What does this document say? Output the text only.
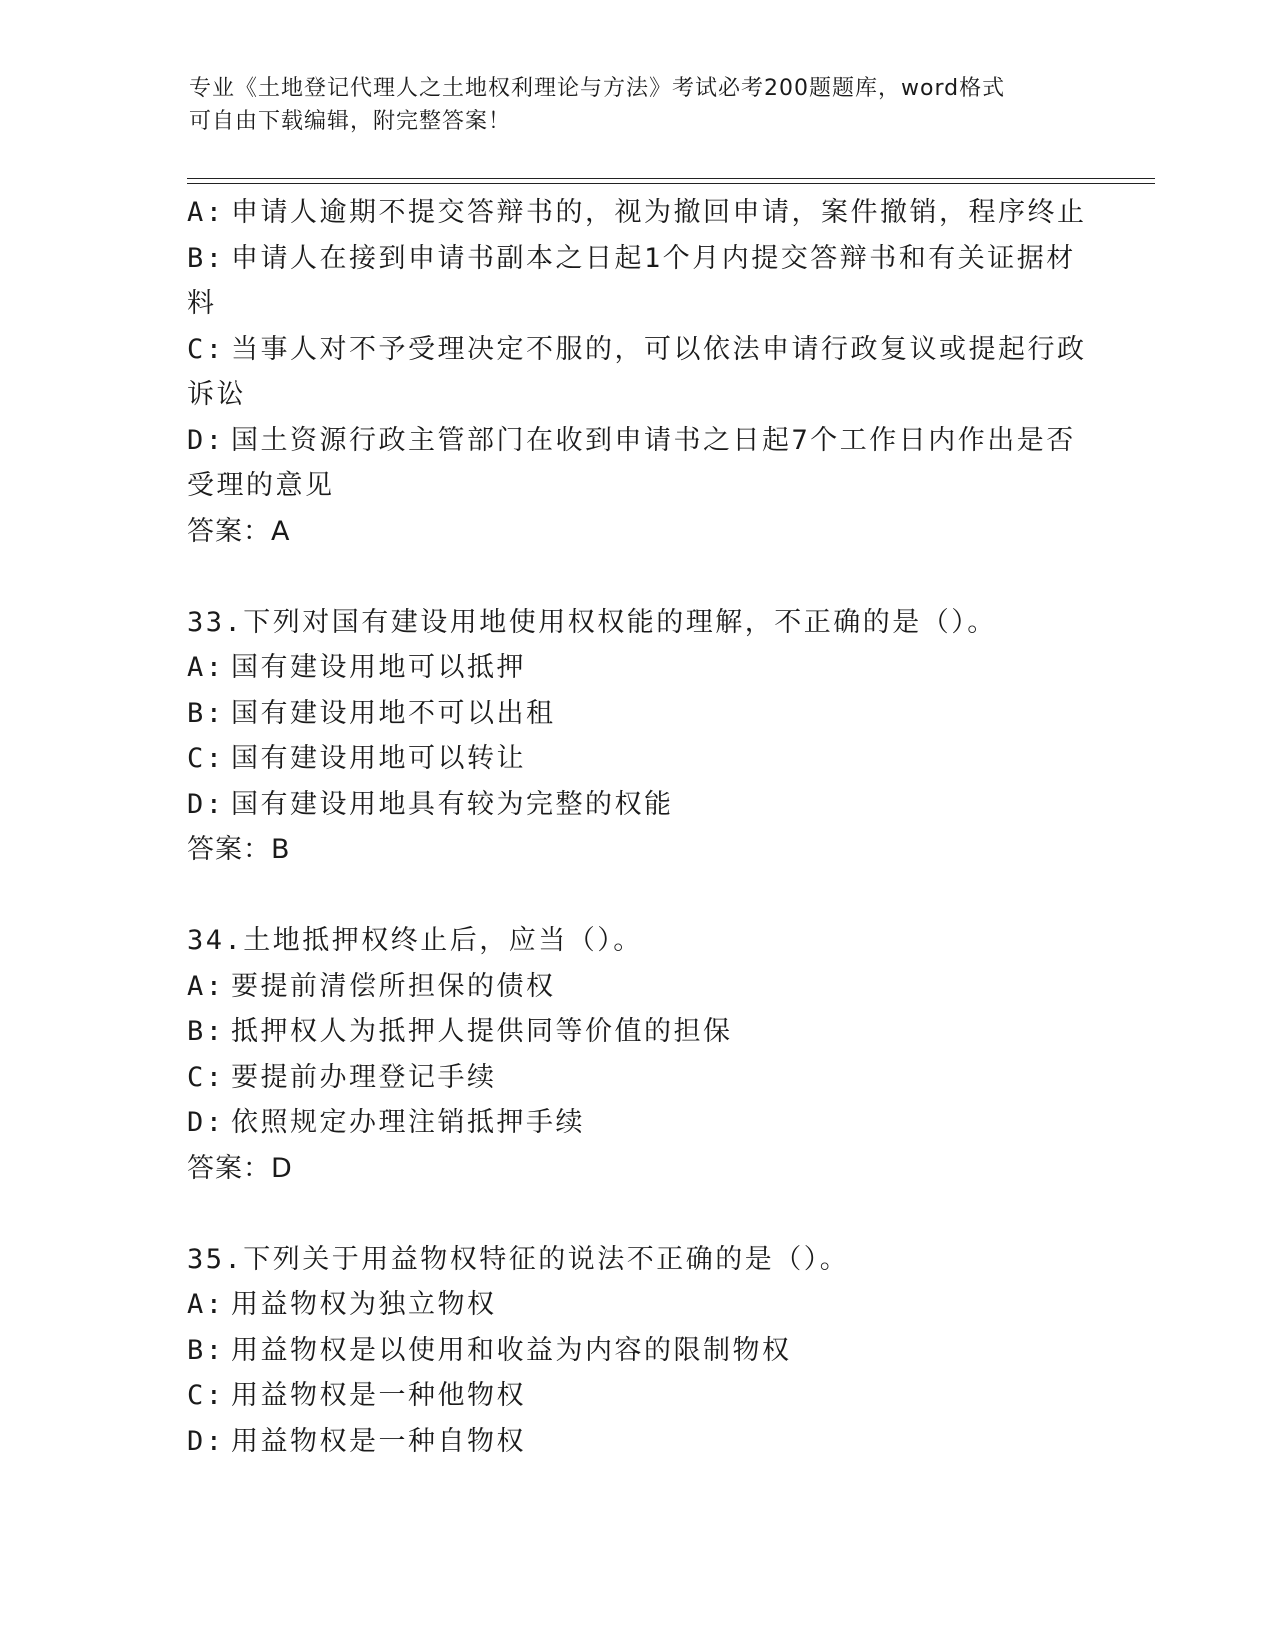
专业《土地登记代理人之土地权利理论与方法》考试必考200题题库，word格式
可自由下载编辑，附完整答案！
A: 申请人逾期不提交答辩书的，视为撤回申请，案件撤销，程序终止
B: 申请人在接到申请书副本之日起1个月内提交答辩书和有关证据材
料
C: 当事人对不予受理决定不服的，可以依法申请行政复议或提起行政
诉讼
D: 国土资源行政主管部门在收到申请书之日起7个工作日内作出是否
受理的意见
答案：A
33.下列对国有建设用地使用权权能的理解，不正确的是（）。
A: 国有建设用地可以抵押
B: 国有建设用地不可以出租
C: 国有建设用地可以转让
D: 国有建设用地具有较为完整的权能
答案：B
34.土地抵押权终止后，应当（）。
A: 要提前清偿所担保的债权
B: 抵押权人为抵押人提供同等价值的担保
C: 要提前办理登记手续
D: 依照规定办理注销抵押手续
答案：D
35.下列关于用益物权特征的说法不正确的是（）。
A: 用益物权为独立物权
B: 用益物权是以使用和收益为内容的限制物权
C: 用益物权是一种他物权
D: 用益物权是一种自物权
